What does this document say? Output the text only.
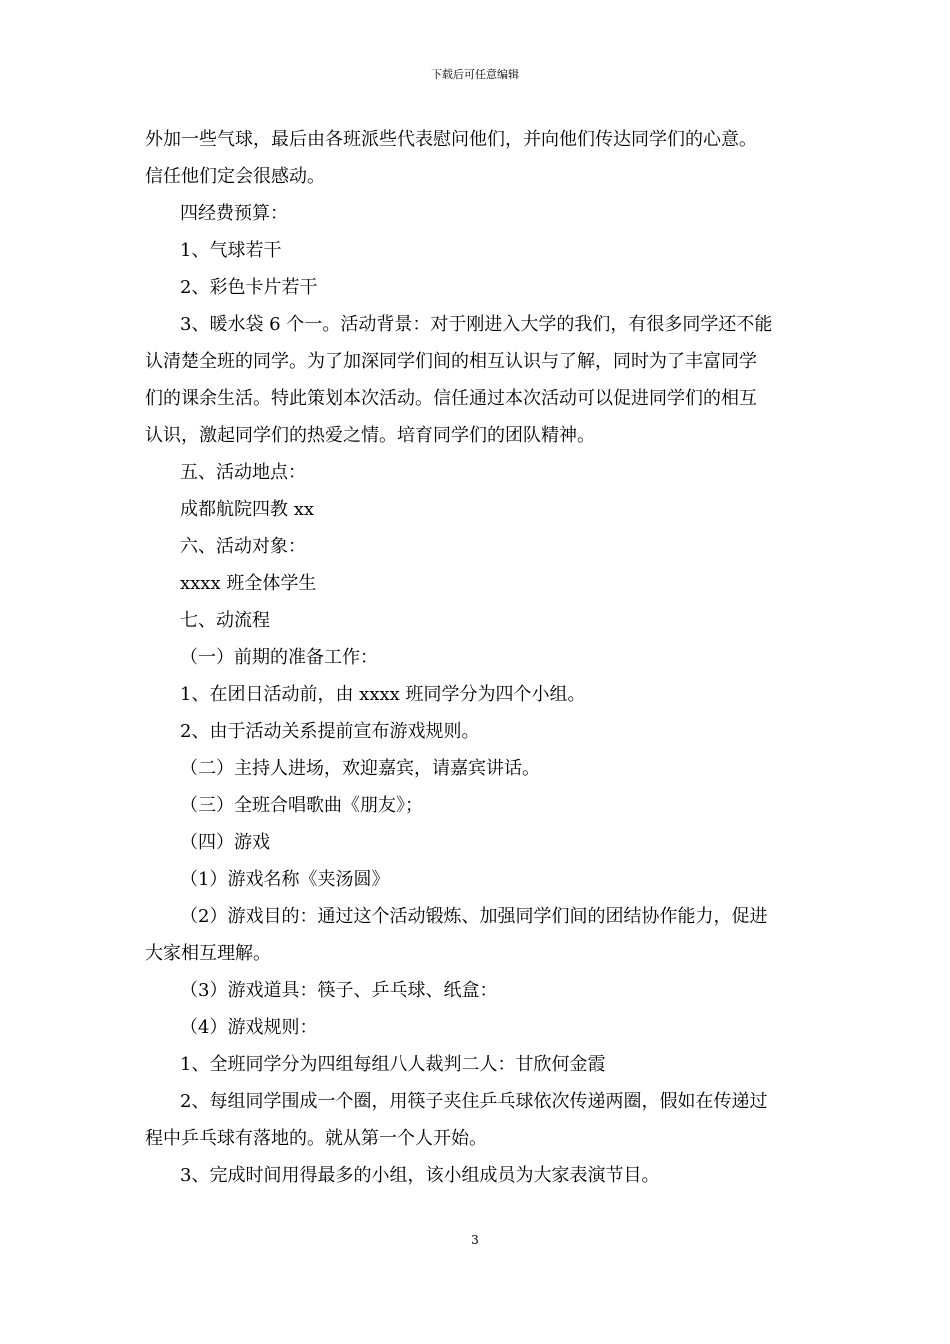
下载后可任意编辑

外加一些气球，最后由各班派些代表慰问他们，并向他们传达同学们的心意。

信任他们定会很感动。

四经费预算：

1、气球若干

2、彩色卡片若干

3、暖水袋 6 个一。活动背景：对于刚进入大学的我们，有很多同学还不能

认清楚全班的同学。为了加深同学们间的相互认识与了解，同时为了丰富同学

们的课余生活。特此策划本次活动。信任通过本次活动可以促进同学们的相互

认识，激起同学们的热爱之情。培育同学们的团队精神。

五、活动地点：

成都航院四教 xx

六、活动对象：

xxxx 班全体学生

七、动流程

（一）前期的准备工作：

1、在团日活动前，由 xxxx 班同学分为四个小组。

2、由于活动关系提前宣布游戏规则。

（二）主持人进场，欢迎嘉宾，请嘉宾讲话。

（三）全班合唱歌曲《朋友》；

（四）游戏

（1）游戏名称《夹汤圆》

（2）游戏目的：通过这个活动锻炼、加强同学们间的团结协作能力，促进

大家相互理解。

（3）游戏道具：筷子、乒乓球、纸盒：

（4）游戏规则：

1、全班同学分为四组每组八人裁判二人：甘欣何金霞

2、每组同学围成一个圈，用筷子夹住乒乓球依次传递两圈，假如在传递过

程中乒乓球有落地的。就从第一个人开始。

3、完成时间用得最多的小组，该小组成员为大家表演节目。

3
